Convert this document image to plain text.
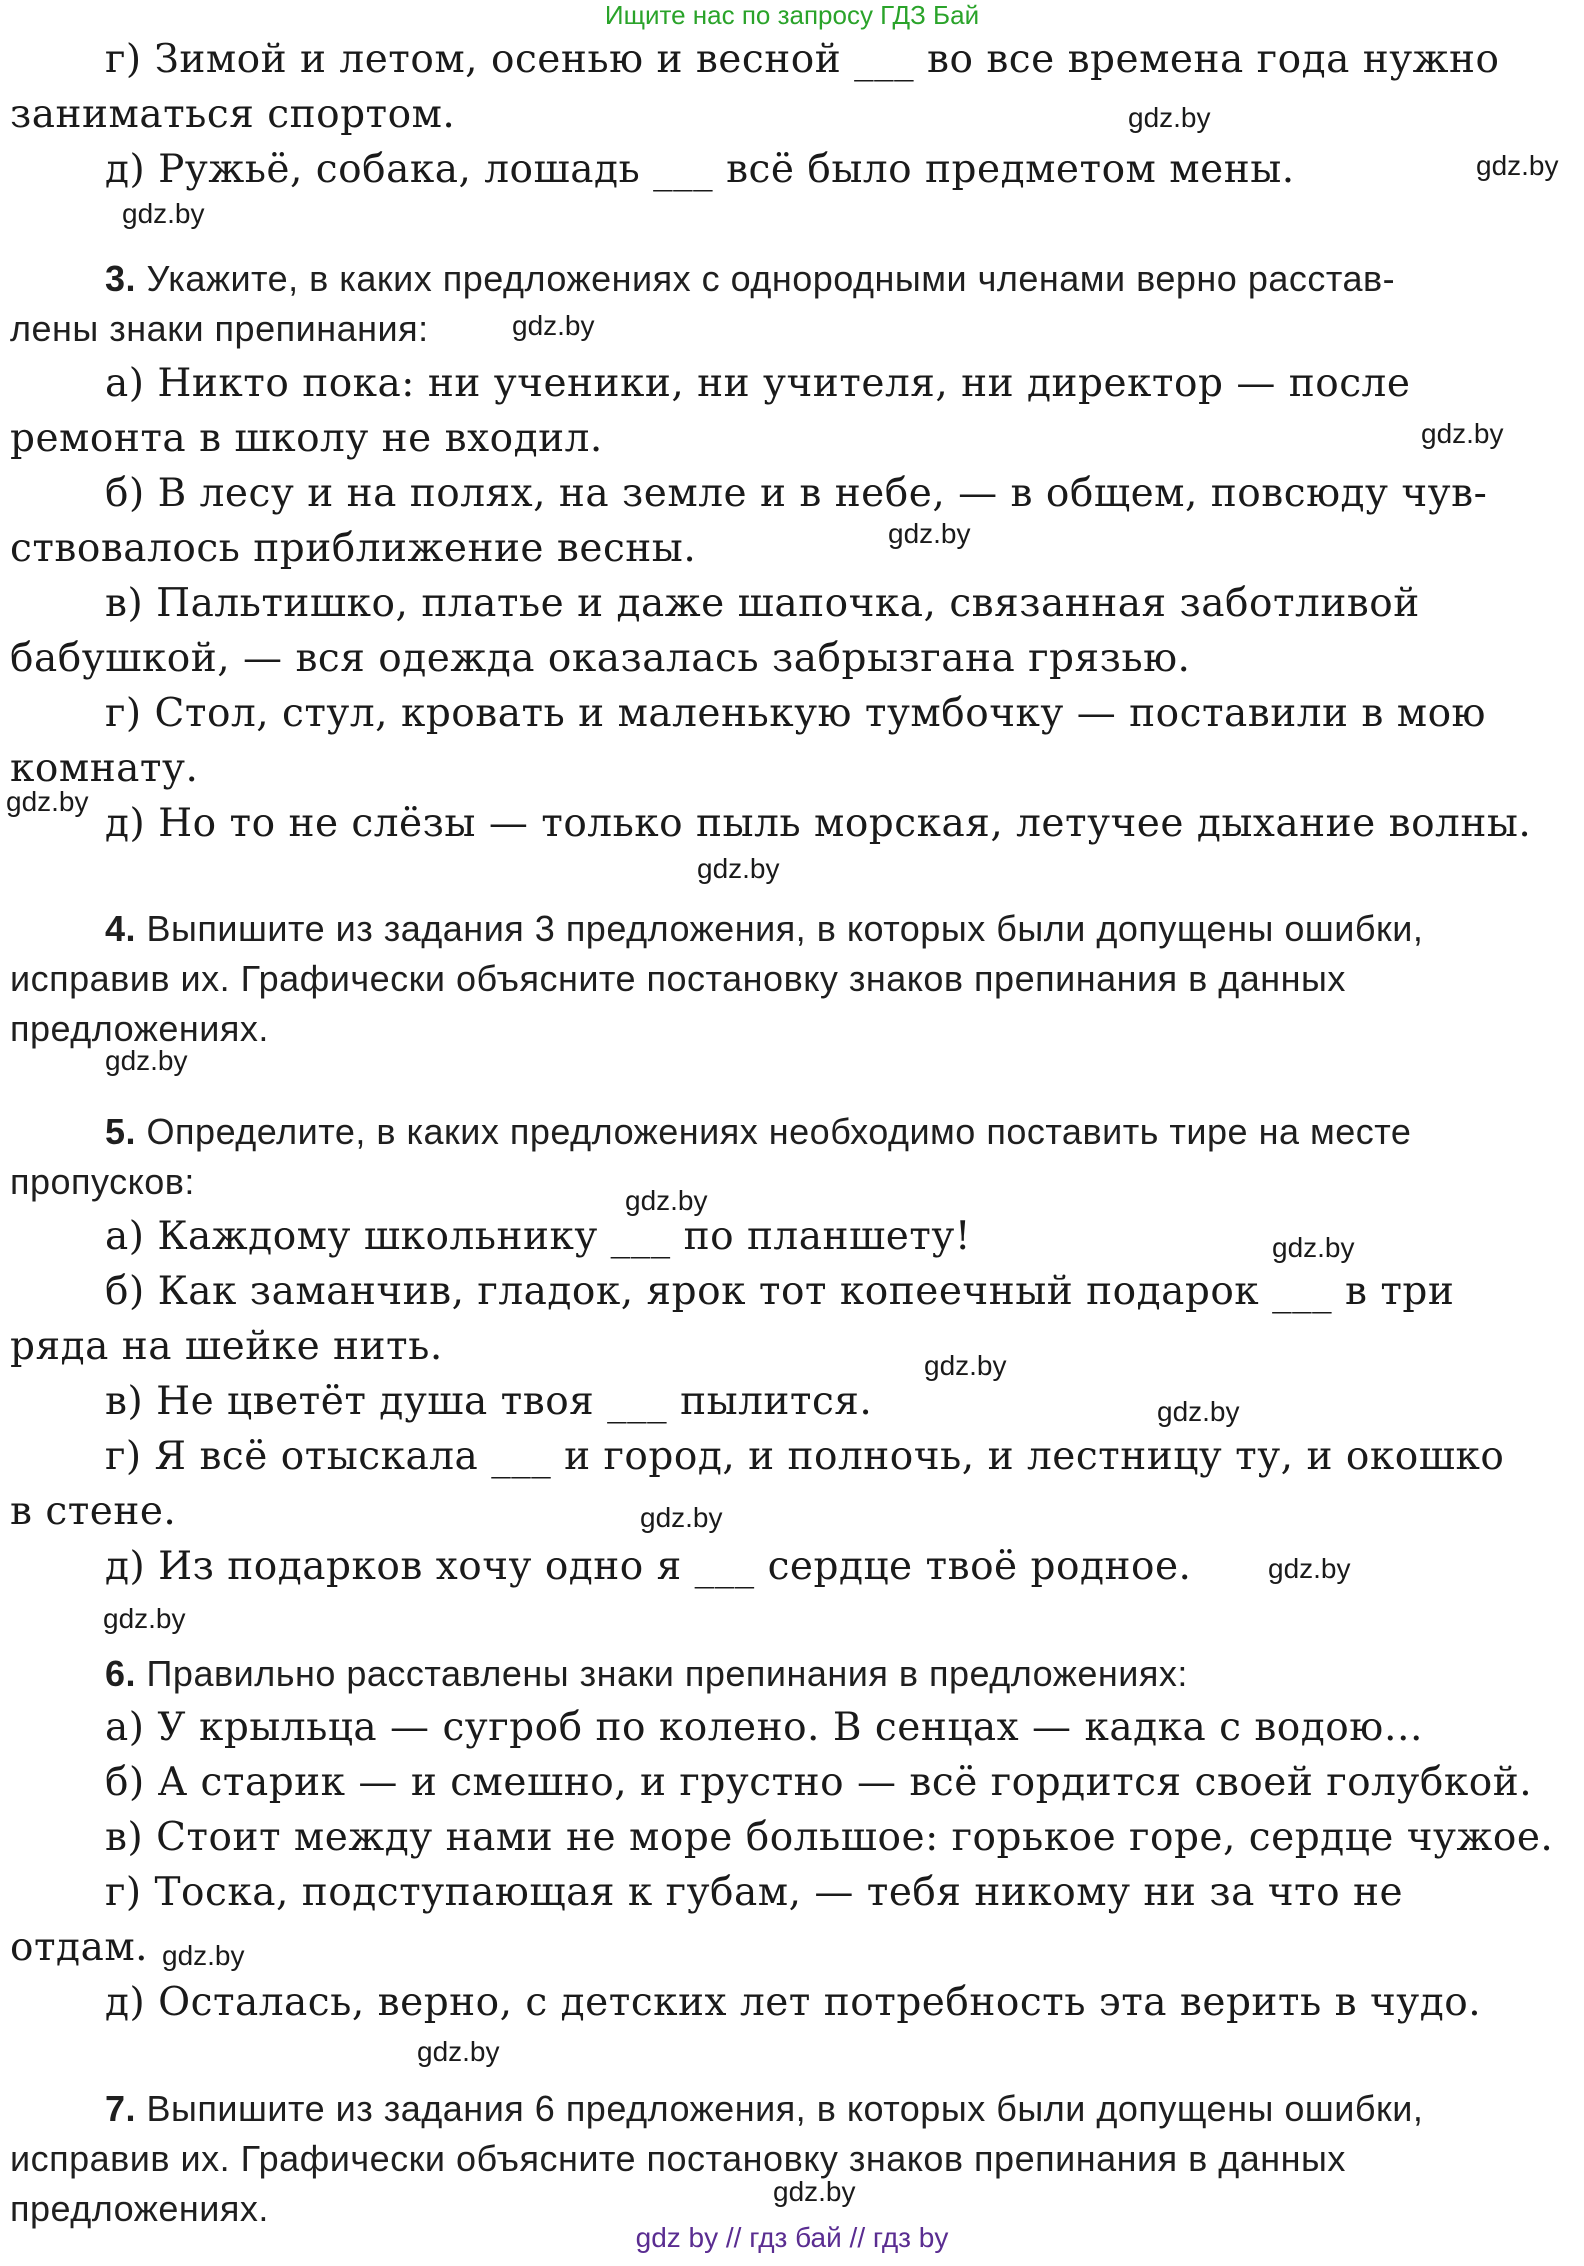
Ищите нас по запросу ГДЗ Бай
г) Зимой и летом, осенью и весной ___ во все времена года нужно
заниматься спортом.
д) Ружьё, собака, лошадь ___ всё было предметом мены.
3. Укажите, в каких предложениях с однородными членами верно расстав-
лены знаки препинания:
а) Никто пока: ни ученики, ни учителя, ни директор — после
ремонта в школу не входил.
б) В лесу и на полях, на земле и в небе, — в общем, повсюду чув-
ствовалось приближение весны.
в) Пальтишко, платье и даже шапочка, связанная заботливой
бабушкой, — вся одежда оказалась забрызгана грязью.
г) Стол, стул, кровать и маленькую тумбочку — поставили в мою
комнату.
д) Но то не слёзы — только пыль морская, летучее дыхание волны.
4. Выпишите из задания 3 предложения, в которых были допущены ошибки,
исправив их. Графически объясните постановку знаков препинания в данных
предложениях.
5. Определите, в каких предложениях необходимо поставить тире на месте
пропусков:
а) Каждому школьнику ___ по планшету!
б) Как заманчив, гладок, ярок тот копеечный подарок ___ в три
ряда на шейке нить.
в) Не цветёт душа твоя ___ пылится.
г) Я всё отыскала ___ и город, и полночь, и лестницу ту, и окошко
в стене.
д) Из подарков хочу одно я ___ сердце твоё родное.
6. Правильно расставлены знаки препинания в предложениях:
а) У крыльца — сугроб по колено. В сенцах — кадка с водою…
б) А старик — и смешно, и грустно — всё гордится своей голубкой.
в) Стоит между нами не море большое: горькое горе, сердце чужое.
г) Тоска, подступающая к губам, — тебя никому ни за что не
отдам.
д) Осталась, верно, с детских лет потребность эта верить в чудо.
7. Выпишите из задания 6 предложения, в которых были допущены ошибки,
исправив их. Графически объясните постановку знаков препинания в данных
предложениях.
gdz.by
gdz.by
gdz.by
gdz.by
gdz.by
gdz.by
gdz.by
gdz.by
gdz.by
gdz.by
gdz.by
gdz.by
gdz.by
gdz.by
gdz.by
gdz.by
gdz.by
gdz.by
gdz.by
gdz by // гдз бай // гдз by
